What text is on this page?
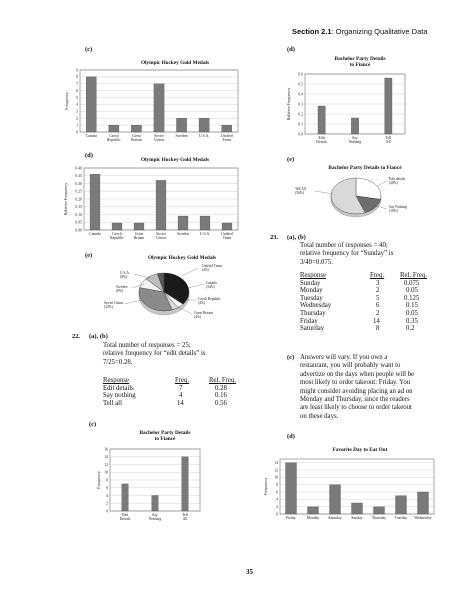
Section 2.1: Organizing Qualitative Data
(c)
Olympic Hockey Gold Medals
0
1
2
3
4
5
6
7
8
9
Frequency
Canada	Czech
Republic
Great
Britain
Soviet
Union
Sweden	U.S.A.	Unified
Team
(d)
Olympic Hockey Gold Medals
0.00
0.05
0.10
0.15
0.20
0.25
0.30
0.35
0.40
Relative Frequency
Canada	Czech
Republic
Great
Britain
Soviet
Union
Sweden	U.S.A.	Unified
Team
(e)	Olympic Hockey Gold Medals
Unified Team
(4%)
Canada
(34%)
Czech Republic
(4%)
Great Britain
(4%)
Soviet Union
(32%)
Sweden
(8%)
U.S.A.
(8%)
22. (a), (b)
Total number of responses = 25;
relative frequency for “edit details” is
7/25=0.28.
Response	Freq.	Rel. Freq.
Edit details	7	0.28
Say nothing	4	0.16
Tell all	14	0.56
(c)
Bachelor Party Details
to Fiancé
0
2
4
6
8
10
12
14
16
Frequency
Edit
Details
Say
Nothing
Tell
All
(d)
Bachelor Party Details
to Fiancé
0.0
0.1
0.2
0.3
0.4
0.5
0.6
Relative Frequency
Edit
Details
Say
Nothing
Tell
All
(e)
Bachelor Party Details to Fiancé
Edit details
(28%)
Say Nothing
(16%)
Tell All
(56%)
23. (a), (b)
Total number of responses = 40;
relative frequency for “Sunday” is
3/40=0.075.
Response	Freq.	Rel. Freq.
Sunday	3	0.075
Monday	2	0.05
Tuesday	5	0.125
Wednesday	6	0.15
Thursday	2	0.05
Friday	14	0.35
Saturday	8	0.2
(c) Answers will vary. If you own a
restaurant, you will probably want to
advertize on the days when people will be
most likely to order takeout: Friday. You
might consider avoiding placing an ad on
Monday and Thursday, since the readers
are least likely to choose to order takeout
on these days.
(d)
Favorite Day to Eat Out
0
2
4
6
8
10
12
14
Frequency
Friday	Monday Saturday	Sunday Thursday Tuesday Wednesday
35
